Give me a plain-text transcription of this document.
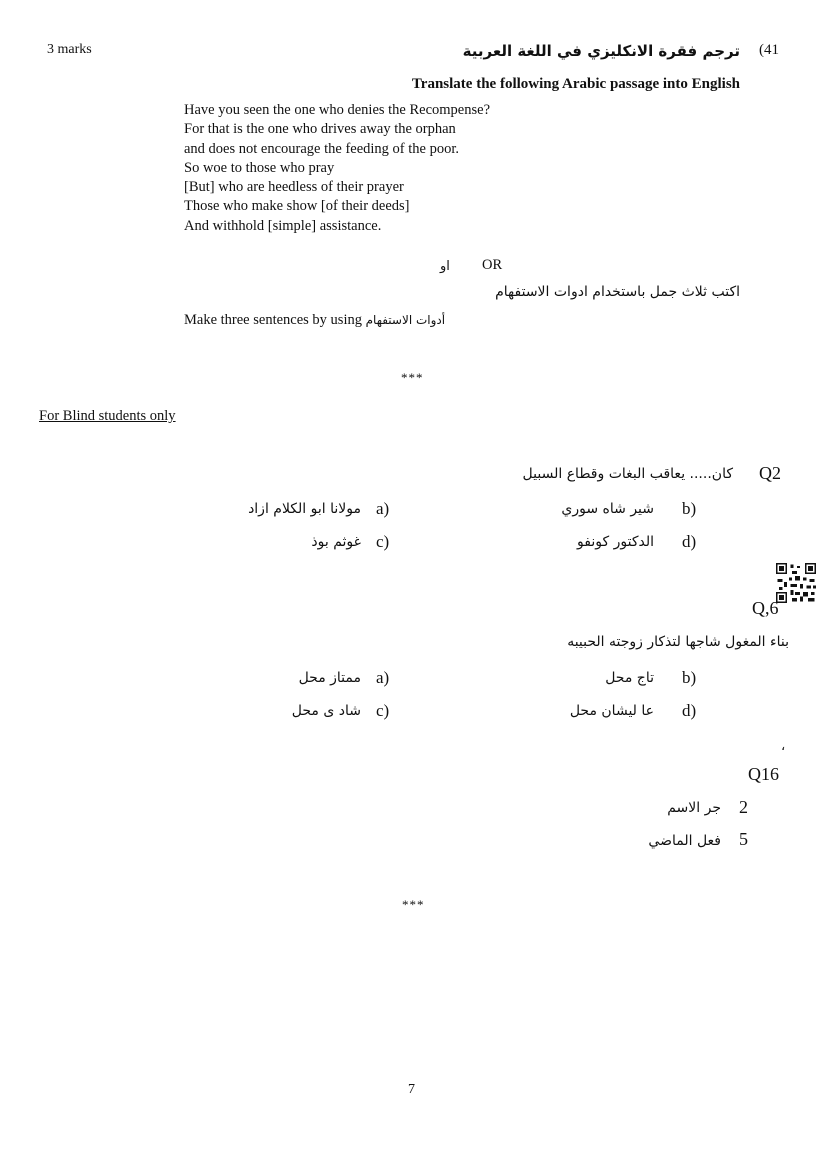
3 marks	ترجم فقرة الانكليزي في اللغة العربية (41
Translate the following Arabic passage into English
Have you seen the one who denies the Recompense?
For that is the one who drives away the orphan
and does not encourage the feeding of the poor.
So woe to those who pray
[But] who are heedless of their prayer
Those who make show [of their deeds]
And withhold [simple] assistance.
او OR
اكتب ثلاث جمل باستخدام ادوات الاستفهام
Make three sentences by using أدوات الاستفهام
***
For Blind students only
Q2
كان..... يعاقب البغات وقطاع السبيل
b)
شير شاه سوري
a)
مولانا ابو الكلام ازاد
d)
الدكتور كونفو
c)
غوثم بوذ
Q,6
بناء المغول شاجها لتذكار زوجته الحبيبه
b)
تاج محل
a)
ممتاز محل
d)
عا ليشان محل
c)
شاد ى محل
،
Q16
2
جر الاسم
5
فعل الماضي
***
7
